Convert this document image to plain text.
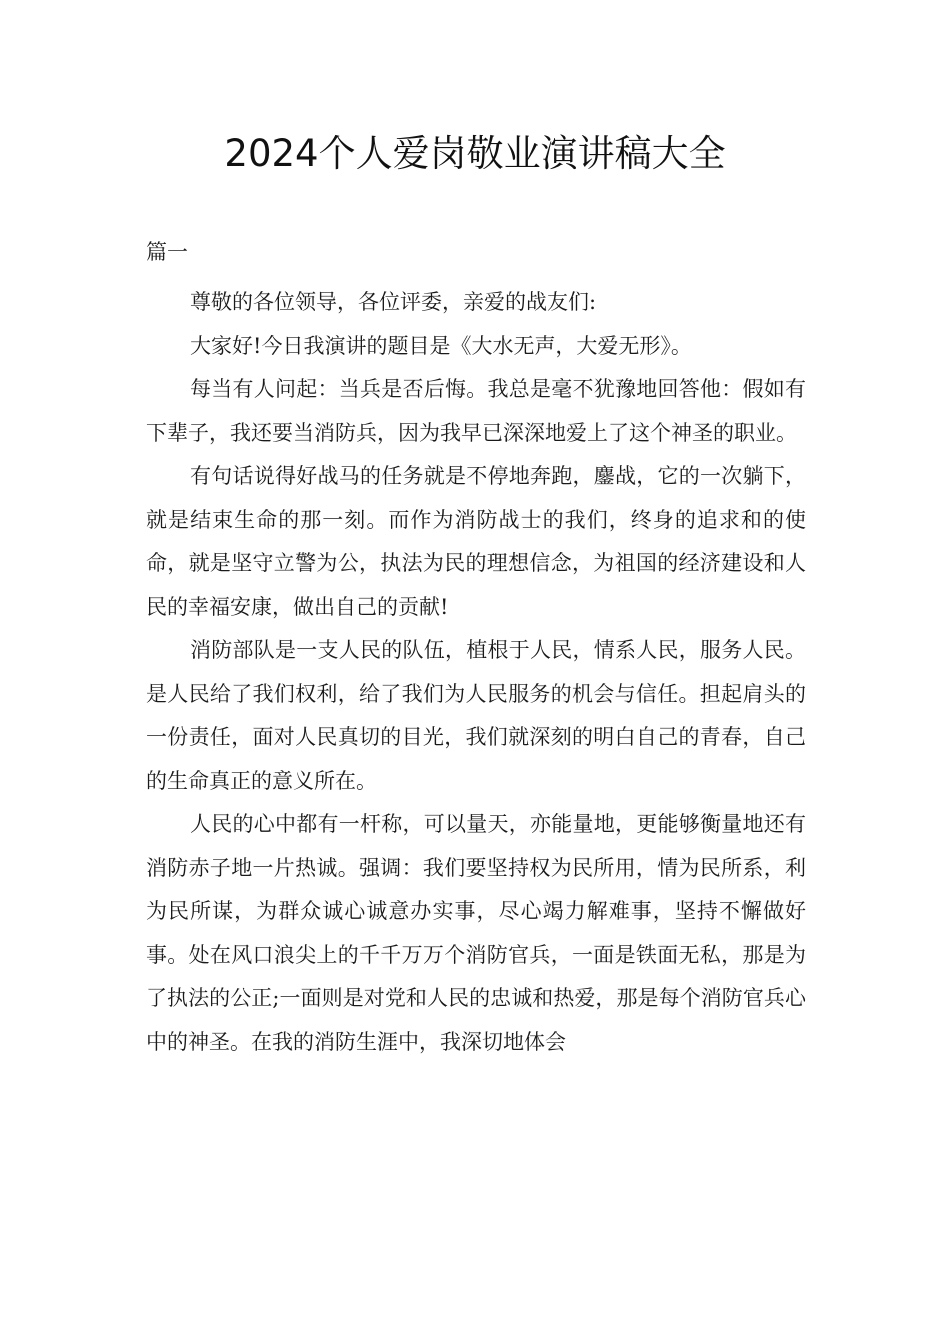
2024个人爱岗敬业演讲稿大全
篇一

尊敬的各位领导，各位评委，亲爱的战友们:

大家好!今日我演讲的题目是《大水无声，大爱无形》。

每当有人问起：当兵是否后悔。我总是毫不犹豫地回答他：假如有下辈子，我还要当消防兵，因为我早已深深地爱上了这个神圣的职业。

有句话说得好战马的任务就是不停地奔跑，鏖战，它的一次躺下，就是结束生命的那一刻。而作为消防战士的我们，终身的追求和的使命，就是坚守立警为公，执法为民的理想信念，为祖国的经济建设和人民的幸福安康，做出自己的贡献!

消防部队是一支人民的队伍，植根于人民，情系人民，服务人民。是人民给了我们权利，给了我们为人民服务的机会与信任。担起肩头的一份责任，面对人民真切的目光，我们就深刻的明白自己的青春，自己的生命真正的意义所在。

人民的心中都有一杆称，可以量天，亦能量地，更能够衡量地还有消防赤子地一片热诚。强调：我们要坚持权为民所用，情为民所系，利为民所谋，为群众诚心诚意办实事，尽心竭力解难事，坚持不懈做好事。处在风口浪尖上的千千万万个消防官兵，一面是铁面无私，那是为了执法的公正;一面则是对党和人民的忠诚和热爱，那是每个消防官兵心中的神圣。在我的消防生涯中，我深切地体会
